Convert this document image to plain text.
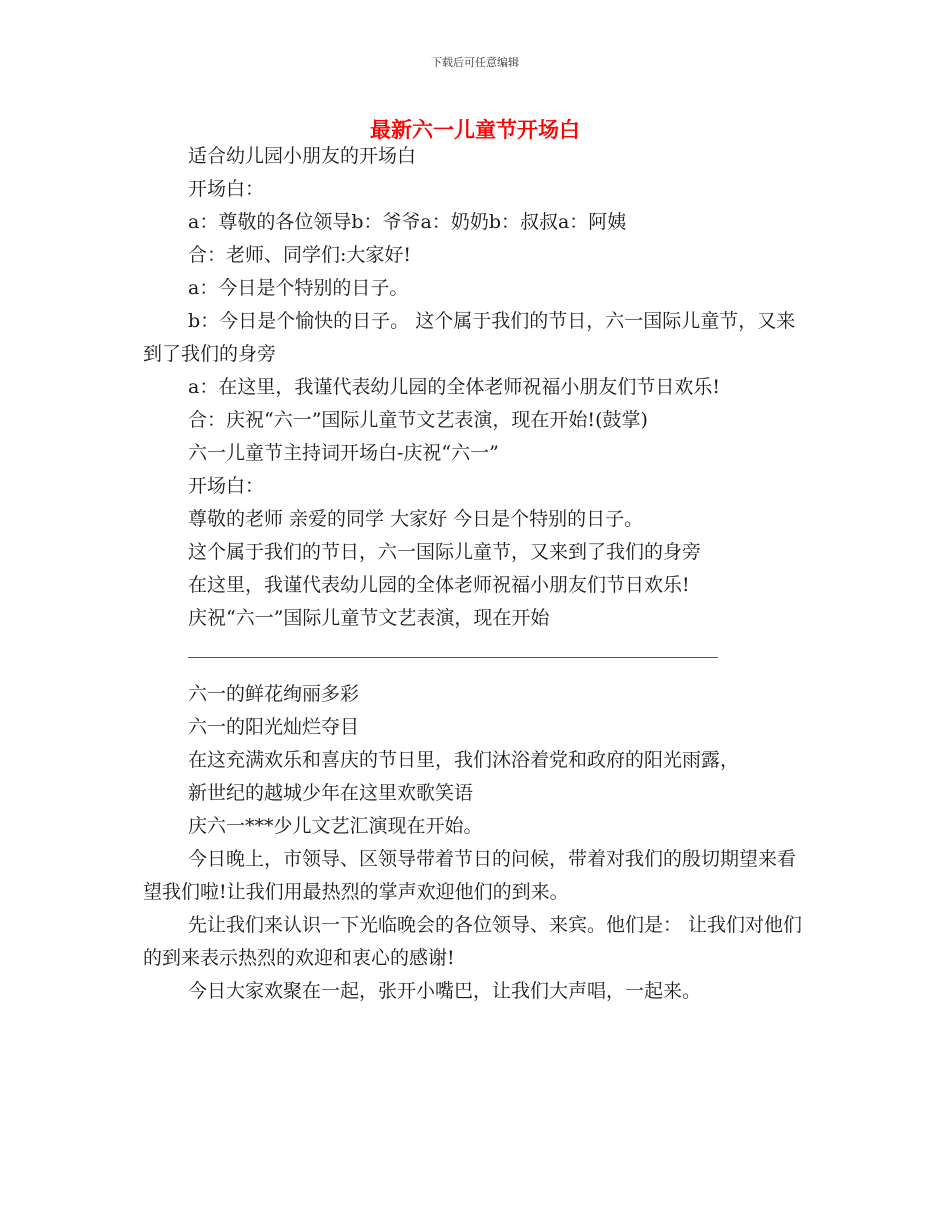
下载后可任意编辑
最新六一儿童节开场白

适合幼儿园小朋友的开场白

开场白：

a：尊敬的各位领导b：爷爷a：奶奶b：叔叔a：阿姨

合：老师、同学们:大家好!

a：今日是个特别的日子。

b：今日是个愉快的日子。 这个属于我们的节日，六一国际儿童节，又来到了我们的身旁

a：在这里，我谨代表幼儿园的全体老师祝福小朋友们节日欢乐!

合：庆祝“六一”国际儿童节文艺表演，现在开始!(鼓掌)

六一儿童节主持词开场白-庆祝“六一”

开场白：

尊敬的老师 亲爱的同学 大家好 今日是个特别的日子。

这个属于我们的节日，六一国际儿童节，又来到了我们的身旁

在这里，我谨代表幼儿园的全体老师祝福小朋友们节日欢乐!

庆祝“六一”国际儿童节文艺表演，现在开始

六一的鲜花绚丽多彩

六一的阳光灿烂夺目

在这充满欢乐和喜庆的节日里，我们沐浴着党和政府的阳光雨露，

新世纪的越城少年在这里欢歌笑语

庆六一***少儿文艺汇演现在开始。

今日晚上，市领导、区领导带着节日的问候，带着对我们的殷切期望来看望我们啦!让我们用最热烈的掌声欢迎他们的到来。

先让我们来认识一下光临晚会的各位领导、来宾。他们是： 让我们对他们的到来表示热烈的欢迎和衷心的感谢!

今日大家欢聚在一起，张开小嘴巴，让我们大声唱，一起来。
